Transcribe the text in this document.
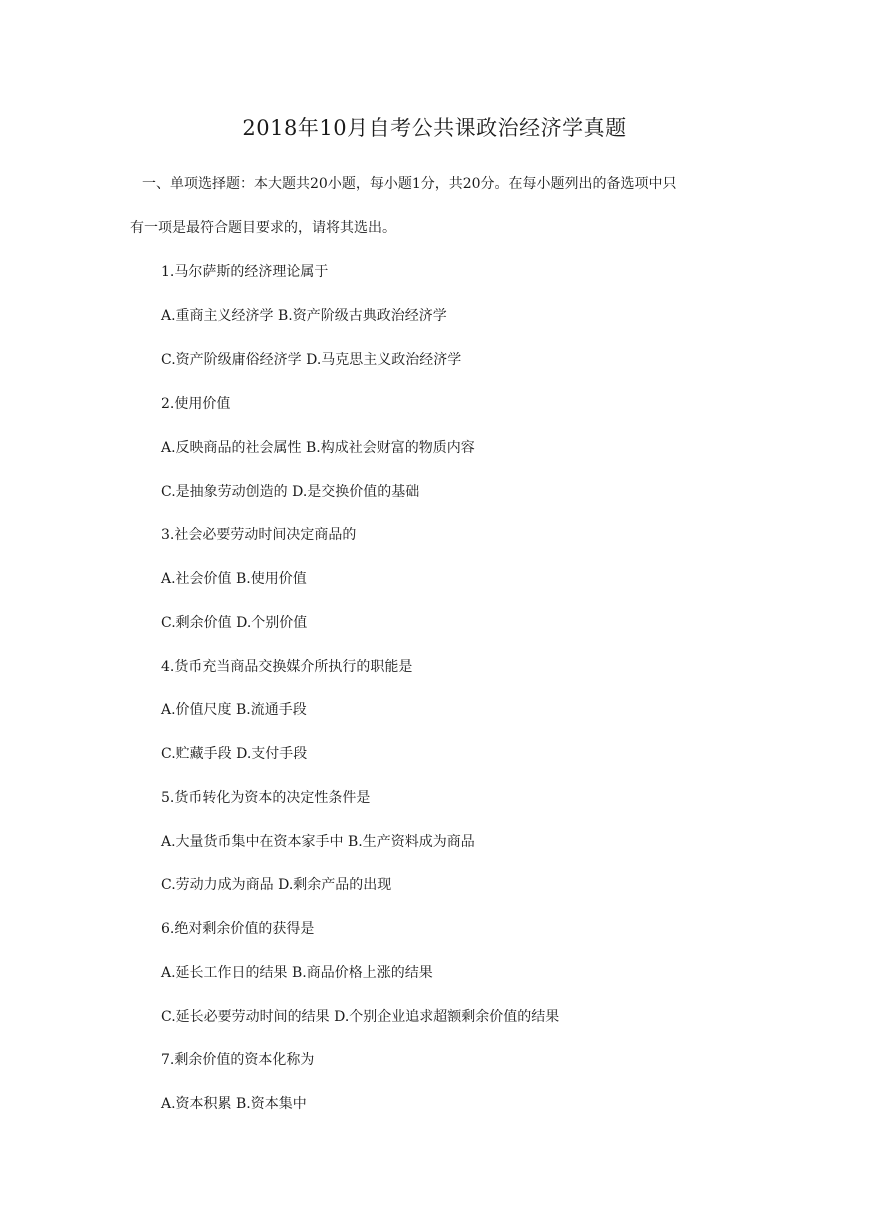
2018年10月自考公共课政治经济学真题
一、单项选择题：本大题共20小题，每小题1分，共20分。在每小题列出的备选项中只
有一项是最符合题目要求的，请将其选出。
1.马尔萨斯的经济理论属于
A.重商主义经济学 B.资产阶级古典政治经济学
C.资产阶级庸俗经济学 D.马克思主义政治经济学
2.使用价值
A.反映商品的社会属性 B.构成社会财富的物质内容
C.是抽象劳动创造的 D.是交换价值的基础
3.社会必要劳动时间决定商品的
A.社会价值 B.使用价值
C.剩余价值 D.个别价值
4.货币充当商品交换媒介所执行的职能是
A.价值尺度 B.流通手段
C.贮藏手段 D.支付手段
5.货币转化为资本的决定性条件是
A.大量货币集中在资本家手中 B.生产资料成为商品
C.劳动力成为商品 D.剩余产品的出现
6.绝对剩余价值的获得是
A.延长工作日的结果 B.商品价格上涨的结果
C.延长必要劳动时间的结果 D.个别企业追求超额剩余价值的结果
7.剩余价值的资本化称为
A.资本积累 B.资本集中
